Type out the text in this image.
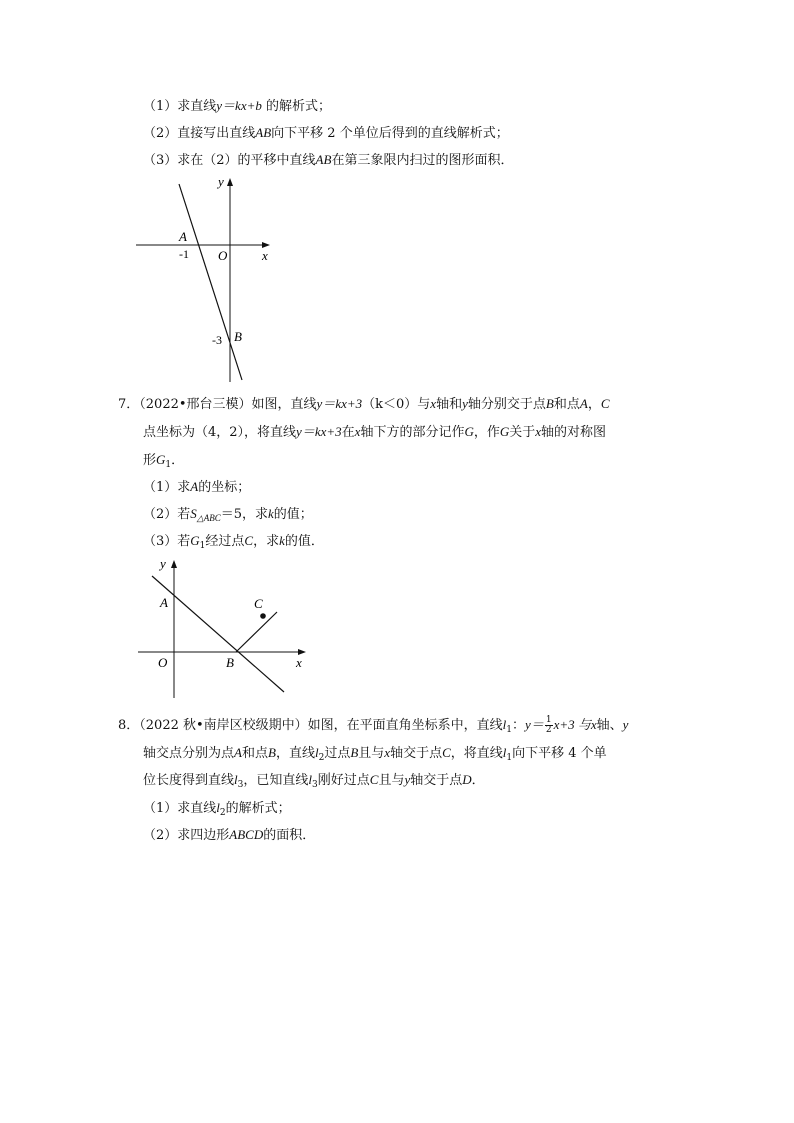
（1）求直线y＝kx+b 的解析式；
（2）直接写出直线AB向下平移 2 个单位后得到的直线解析式；
（3）求在（2）的平移中直线AB在第三象限内扫过的图形面积．
y
x
O
A
-1
B
-3
7．（2022•邢台三模）如图，直线y＝kx+3（k＜0）与x轴和y轴分别交于点B和点A，C
点坐标为（4，2），将直线y＝kx+3在x轴下方的部分记作G，作G关于x轴的对称图
形$G_1$．
（1）求A的坐标；
（2）若$S_{\triangle ABC}=5$，求k的值；
（3）若$G_1$经过点C，求k的值．
y
x
O
A
B
C
8．（2022 秋•南岸区校级期中）如图，在平面直角坐标系中，直线$l_1$：$y= \frac{1}{2} x+3$ 与x轴、y
轴交点分别为点A和点B，直线$l_2$过点B且与x轴交于点C，将直线$l_1$向下平移 4 个单
位长度得到直线$l_3$，已知直线$l_3$刚好过点C且与y轴交于点D．
（1）求直线$l_2$的解析式；
（2）求四边形ABCD的面积．
